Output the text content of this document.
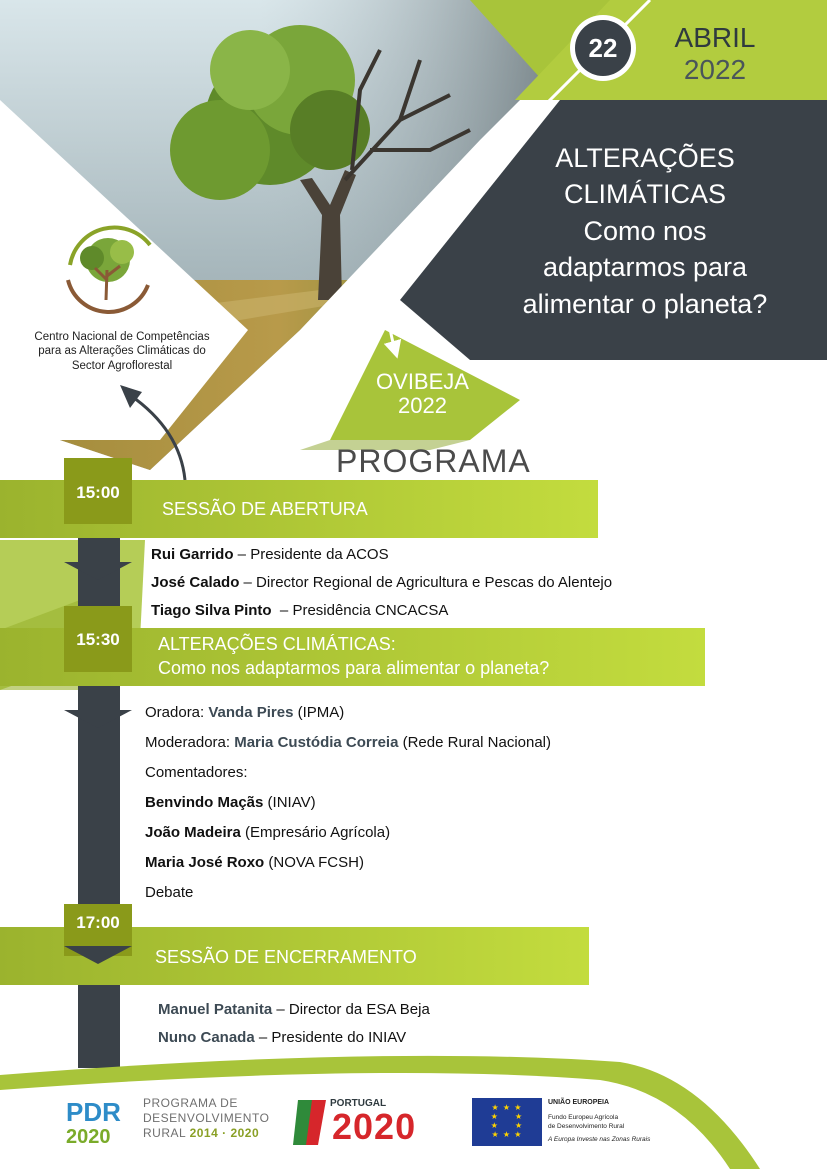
PDR
2020
22	ABRIL
2022
ALTERAÇÕES
CLIMÁTICAS
Como nos
adaptarmos para
alimentar o planeta?
OVIBEJA
2022
Centro Nacional de Competências
para as Alterações Climáticas do
Sector Agroflorestal
PROGRAMA
15:00
SESSÃO DE ABERTURA
Rui Garrido – Presidente da ACOS
José Calado – Director Regional de Agricultura e Pescas do Alentejo
Tiago Silva Pinto  – Presidência CNCACSA
15:30	ALTERAÇÕES CLIMÁTICAS:
Como nos adaptarmos para alimentar o planeta?
Oradora: Vanda Pires (IPMA)
Moderadora: Maria Custódia Correia (Rede Rural Nacional)
Comentadores:
Benvindo Maçãs (INIAV)
João Madeira (Empresário Agrícola)
Maria José Roxo (NOVA FCSH)
Debate
17:00
SESSÃO DE ENCERRAMENTO
Manuel Patanita – Director da ESA Beja
Nuno Canada – Presidente do INIAV
PROGRAMA DE
DESENVOLVIMENTO
RURAL 2014 · 2020
PORTUGAL
2020	★ ★ ★
★     ★
★     ★
★ ★ ★
UNIÃO EUROPEIA
Fundo Europeu Agrícola
de Desenvolvimento Rural
A Europa Investe nas Zonas Rurais
